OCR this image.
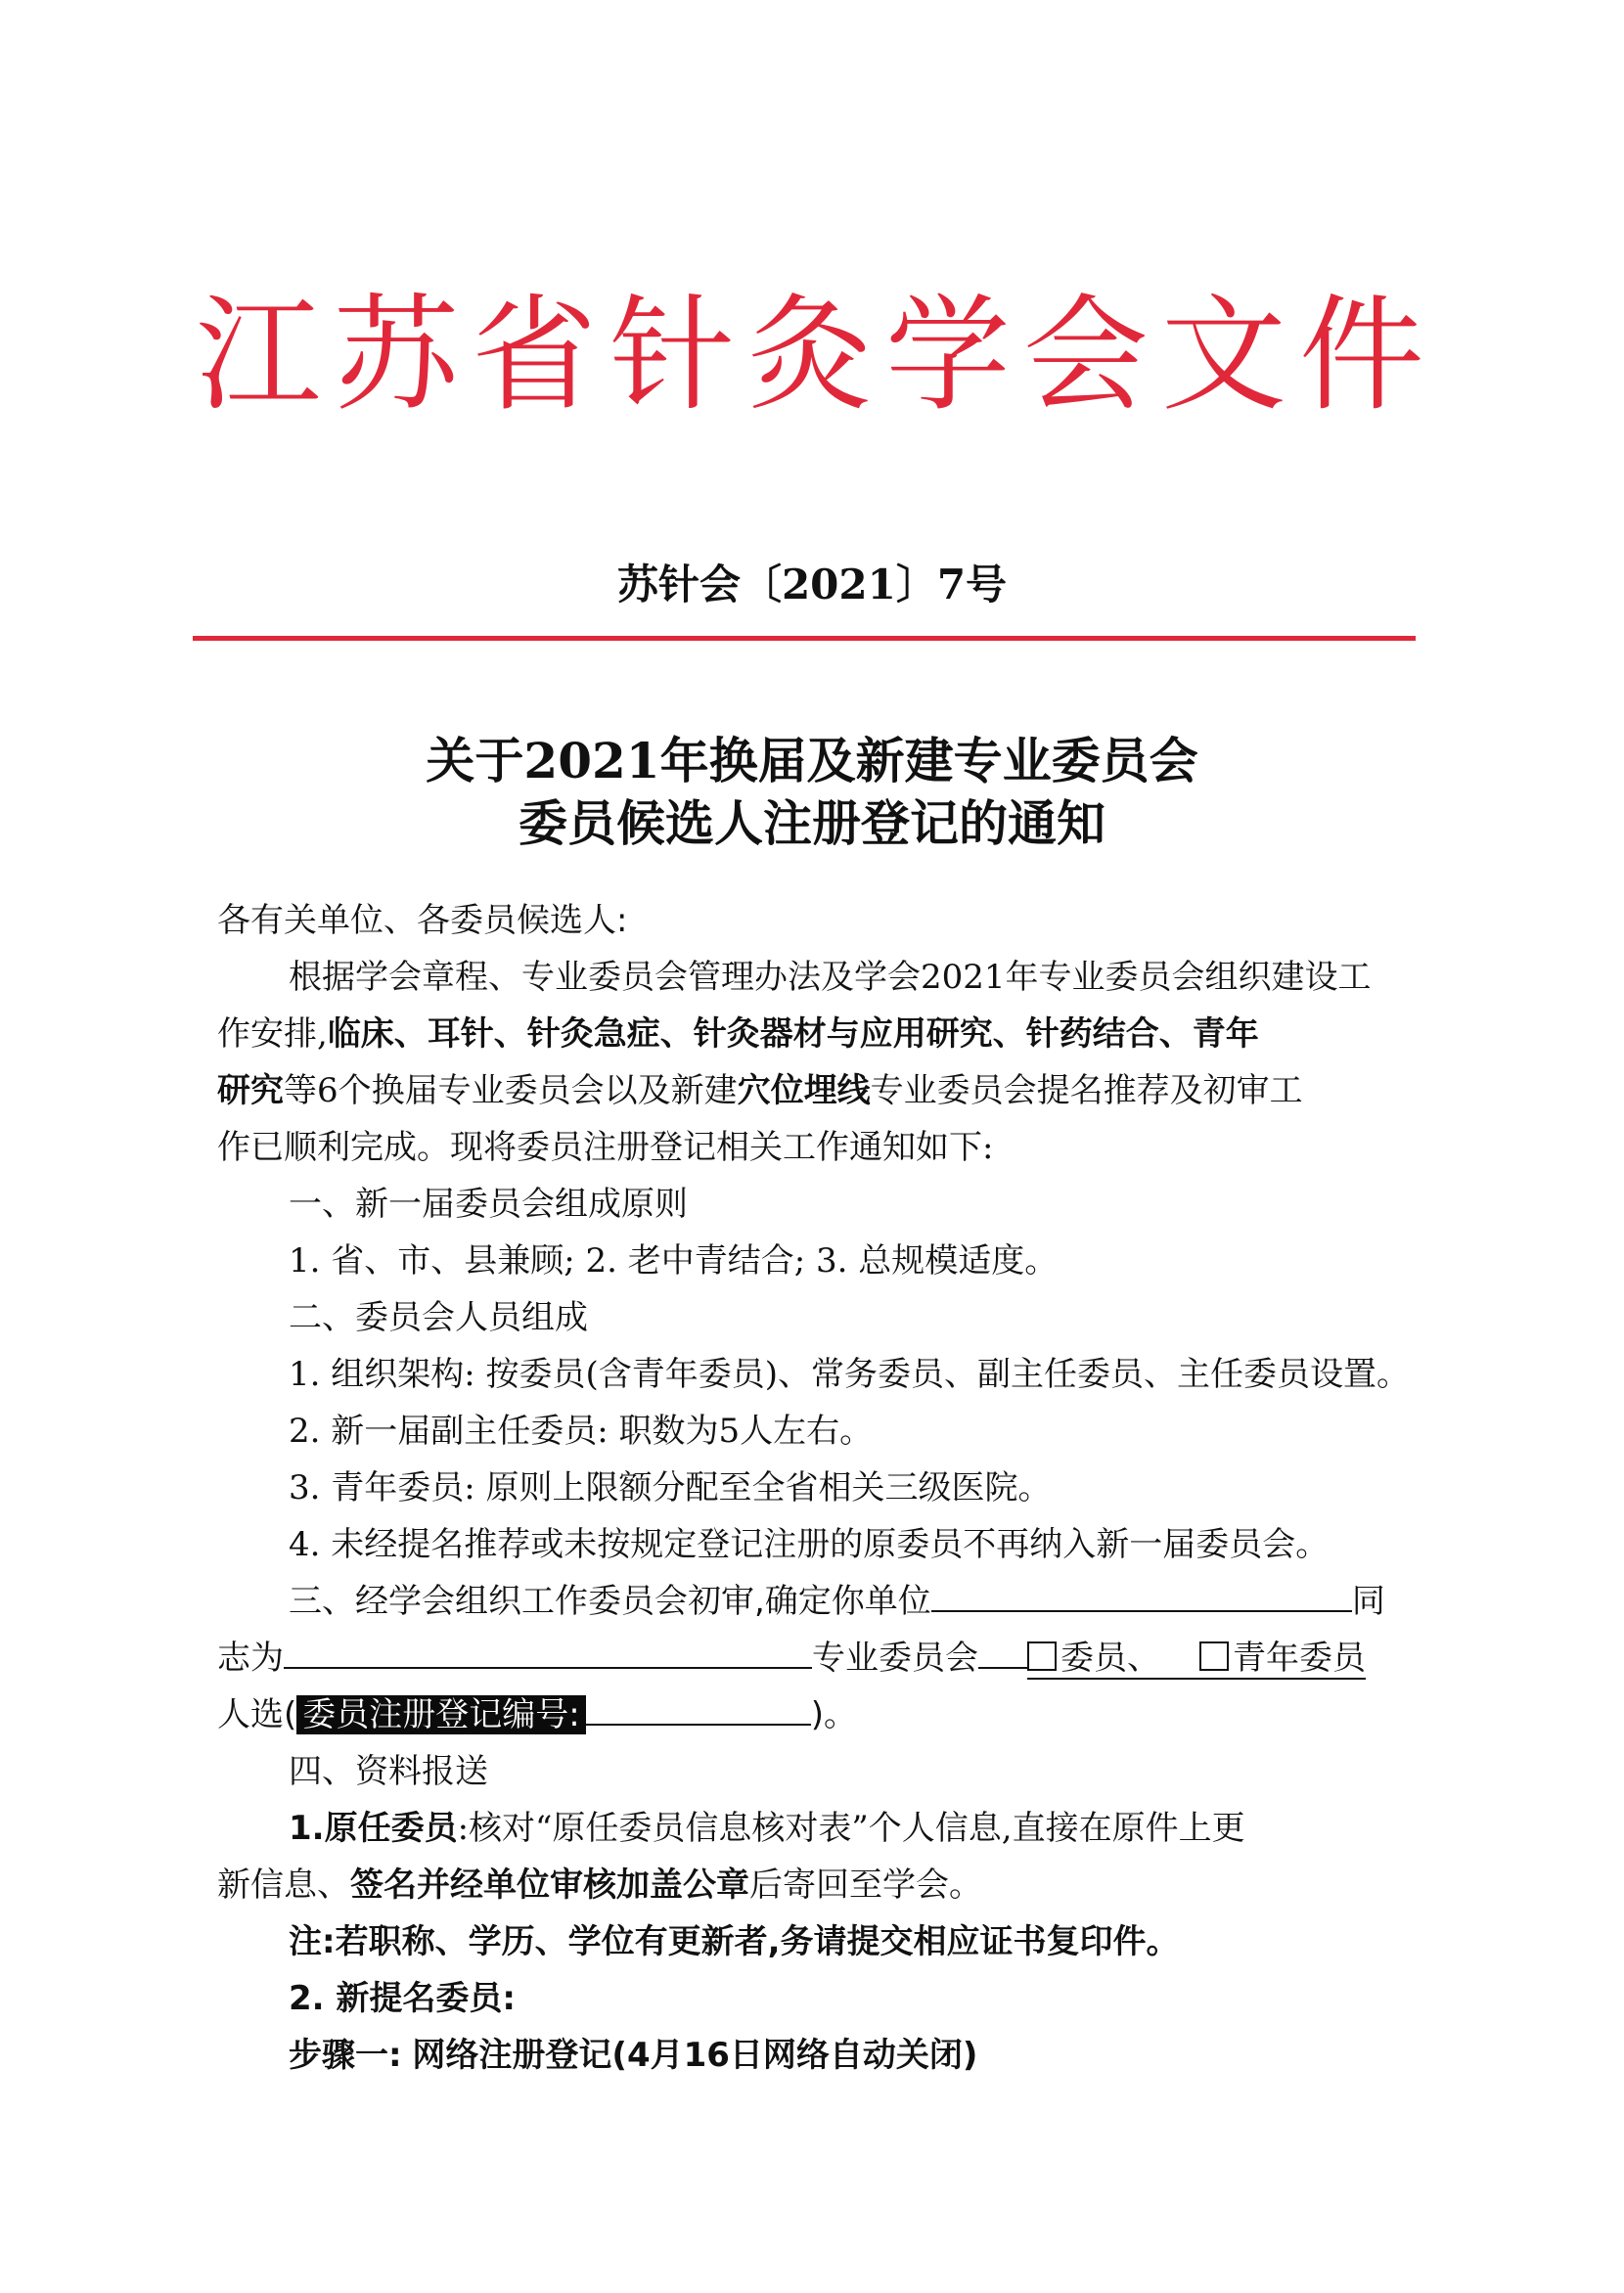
江 苏 省 针 灸 学 会 文 件
苏针会〔2021〕7号
关于2021年换届及新建专业委员会
委员候选人注册登记的通知
各有关单位、各委员候选人:
根据学会章程、专业委员会管理办法及学会2021年专业委员会组织建设工
作安排,临床、耳针、针灸急症、针灸器材与应用研究、针药结合、青年
研究等6个换届专业委员会以及新建穴位埋线专业委员会提名推荐及初审工
作已顺利完成。现将委员注册登记相关工作通知如下:
一、新一届委员会组成原则
1. 省、市、县兼顾; 2. 老中青结合; 3. 总规模适度。
二、委员会人员组成
1. 组织架构: 按委员(含青年委员)、常务委员、副主任委员、主任委员设置。
2. 新一届副主任委员: 职数为5人左右。
3. 青年委员: 原则上限额分配至全省相关三级医院。
4. 未经提名推荐或未按规定登记注册的原委员不再纳入新一届委员会。
三、经学会组织工作委员会初审,确定你单位	同
志为	专业委员会 委员、 青年委员
人选( 委员注册登记编号:	)。
四、资料报送
1.原任委员:核对“原任委员信息核对表”个人信息,直接在原件上更
新信息、签名并经单位审核加盖公章后寄回至学会。
注:若职称、学历、学位有更新者,务请提交相应证书复印件。
2. 新提名委员:
步骤一: 网络注册登记(4月16日网络自动关闭)
